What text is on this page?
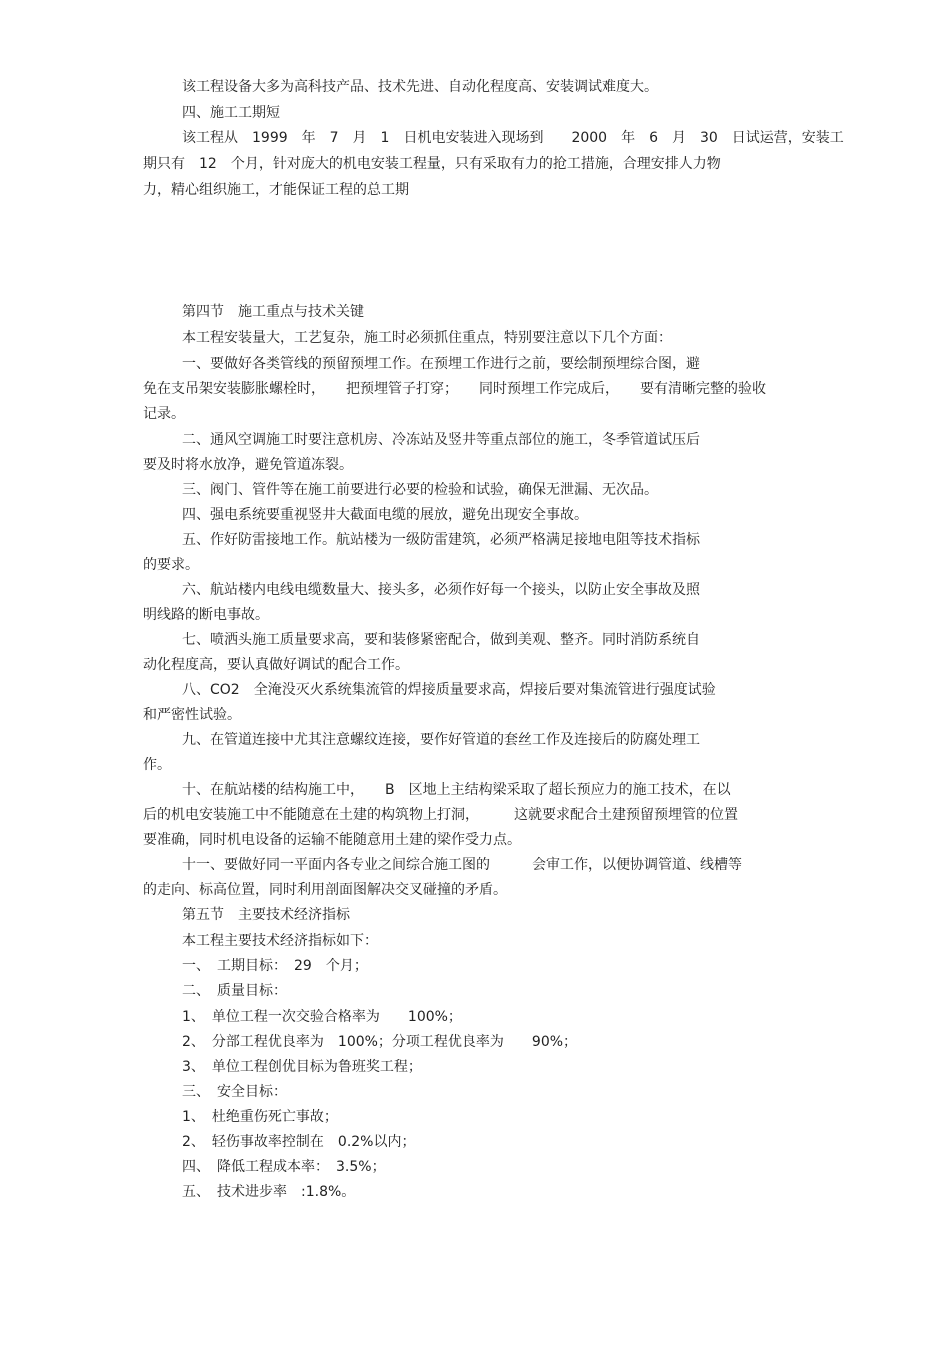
该工程设备大多为高科技产品、技术先进、自动化程度高、安装调试难度大。

四、施工工期短

该工程从　1999　年　7　月　1　日机电安装进入现场到　　2000　年　6　月　30　日试运营，安装工

期只有　12　个月，针对庞大的机电安装工程量，只有采取有力的抢工措施，合理安排人力物

力，精心组织施工，才能保证工程的总工期

第四节　施工重点与技术关键

本工程安装量大，工艺复杂，施工时必须抓住重点，特别要注意以下几个方面：

一、要做好各类管线的预留预埋工作。在预埋工作进行之前，要绘制预埋综合图，避

免在支吊架安装膨胀螺栓时，　　把预埋管子打穿；　　同时预埋工作完成后，　　要有清晰完整的验收

记录。

二、通风空调施工时要注意机房、冷冻站及竖井等重点部位的施工，冬季管道试压后

要及时将水放净，避免管道冻裂。

三、阀门、管件等在施工前要进行必要的检验和试验，确保无泄漏、无次品。

四、强电系统要重视竖井大截面电缆的展放，避免出现安全事故。

五、作好防雷接地工作。航站楼为一级防雷建筑，必须严格满足接地电阻等技术指标

的要求。

六、航站楼内电线电缆数量大、接头多，必须作好每一个接头，以防止安全事故及照

明线路的断电事故。

七、喷洒头施工质量要求高，要和装修紧密配合，做到美观、整齐。同时消防系统自

动化程度高，要认真做好调试的配合工作。

八、CO2　全淹没灭火系统集流管的焊接质量要求高，焊接后要对集流管进行强度试验

和严密性试验。

九、在管道连接中尤其注意螺纹连接，要作好管道的套丝工作及连接后的防腐处理工

作。

十、在航站楼的结构施工中，　　B　区地上主结构梁采取了超长预应力的施工技术，在以

后的机电安装施工中不能随意在土建的构筑物上打洞，　　　这就要求配合土建预留预埋管的位置

要准确，同时机电设备的运输不能随意用土建的梁作受力点。

十一、要做好同一平面内各专业之间综合施工图的　　　会审工作，以便协调管道、线槽等

的走向、标高位置，同时利用剖面图解决交叉碰撞的矛盾。

第五节　主要技术经济指标

本工程主要技术经济指标如下：

一、　工期目标：　29　个月；

二、　质量目标：

1、　单位工程一次交验合格率为　　100%；

2、　分部工程优良率为　100%；分项工程优良率为　　90%；

3、　单位工程创优目标为鲁班奖工程；

三、　安全目标：

1、　杜绝重伤死亡事故；

2、　轻伤事故率控制在　0.2%以内；

四、　降低工程成本率：　3.5%；

五、　技术进步率　:1.8%。
